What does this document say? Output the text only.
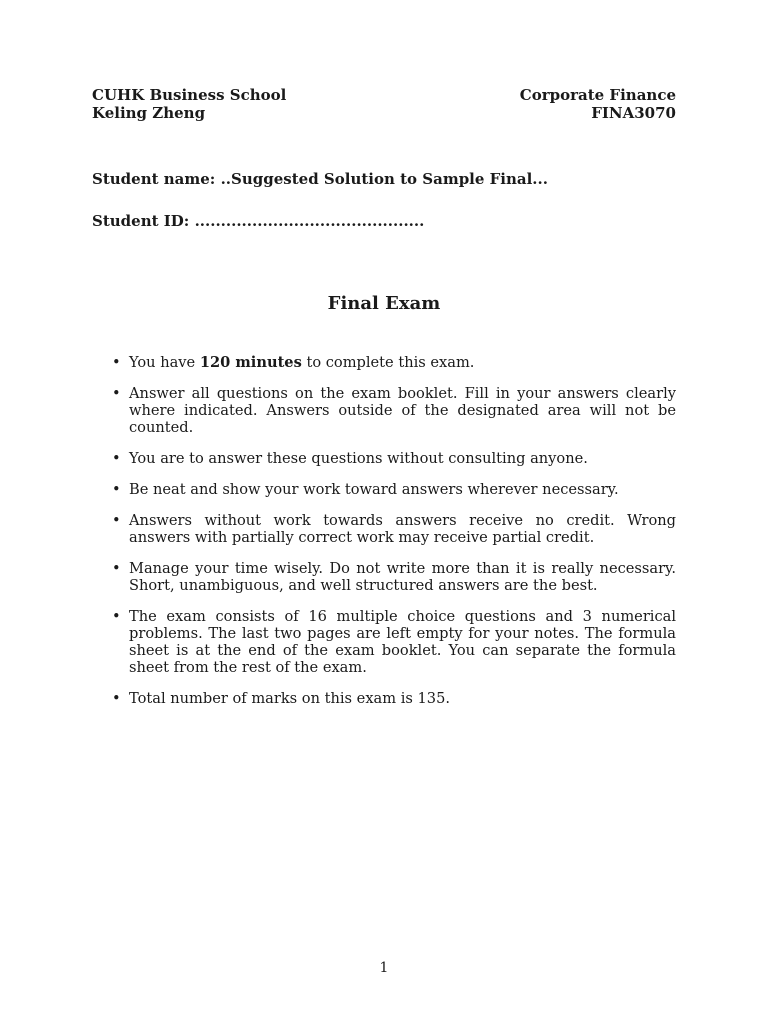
CUHK Business School
Keling Zheng
Corporate Finance
FINA3070
Student name: ..Suggested Solution to Sample Final...
Student ID: ............................................
Final Exam
• You have 120 minutes to complete this exam.
• Answer all questions on the exam booklet. Fill in your answers clearly where indicated. Answers outside of the designated area will not be counted.
• You are to answer these questions without consulting anyone.
• Be neat and show your work toward answers wherever necessary.
• Answers without work towards answers receive no credit. Wrong answers with partially correct work may receive partial credit.
• Manage your time wisely. Do not write more than it is really necessary. Short, unambiguous, and well structured answers are the best.
• The exam consists of 16 multiple choice questions and 3 numerical problems. The last two pages are left empty for your notes. The formula sheet is at the end of the exam booklet. You can separate the formula sheet from the rest of the exam.
• Total number of marks on this exam is 135.
1
